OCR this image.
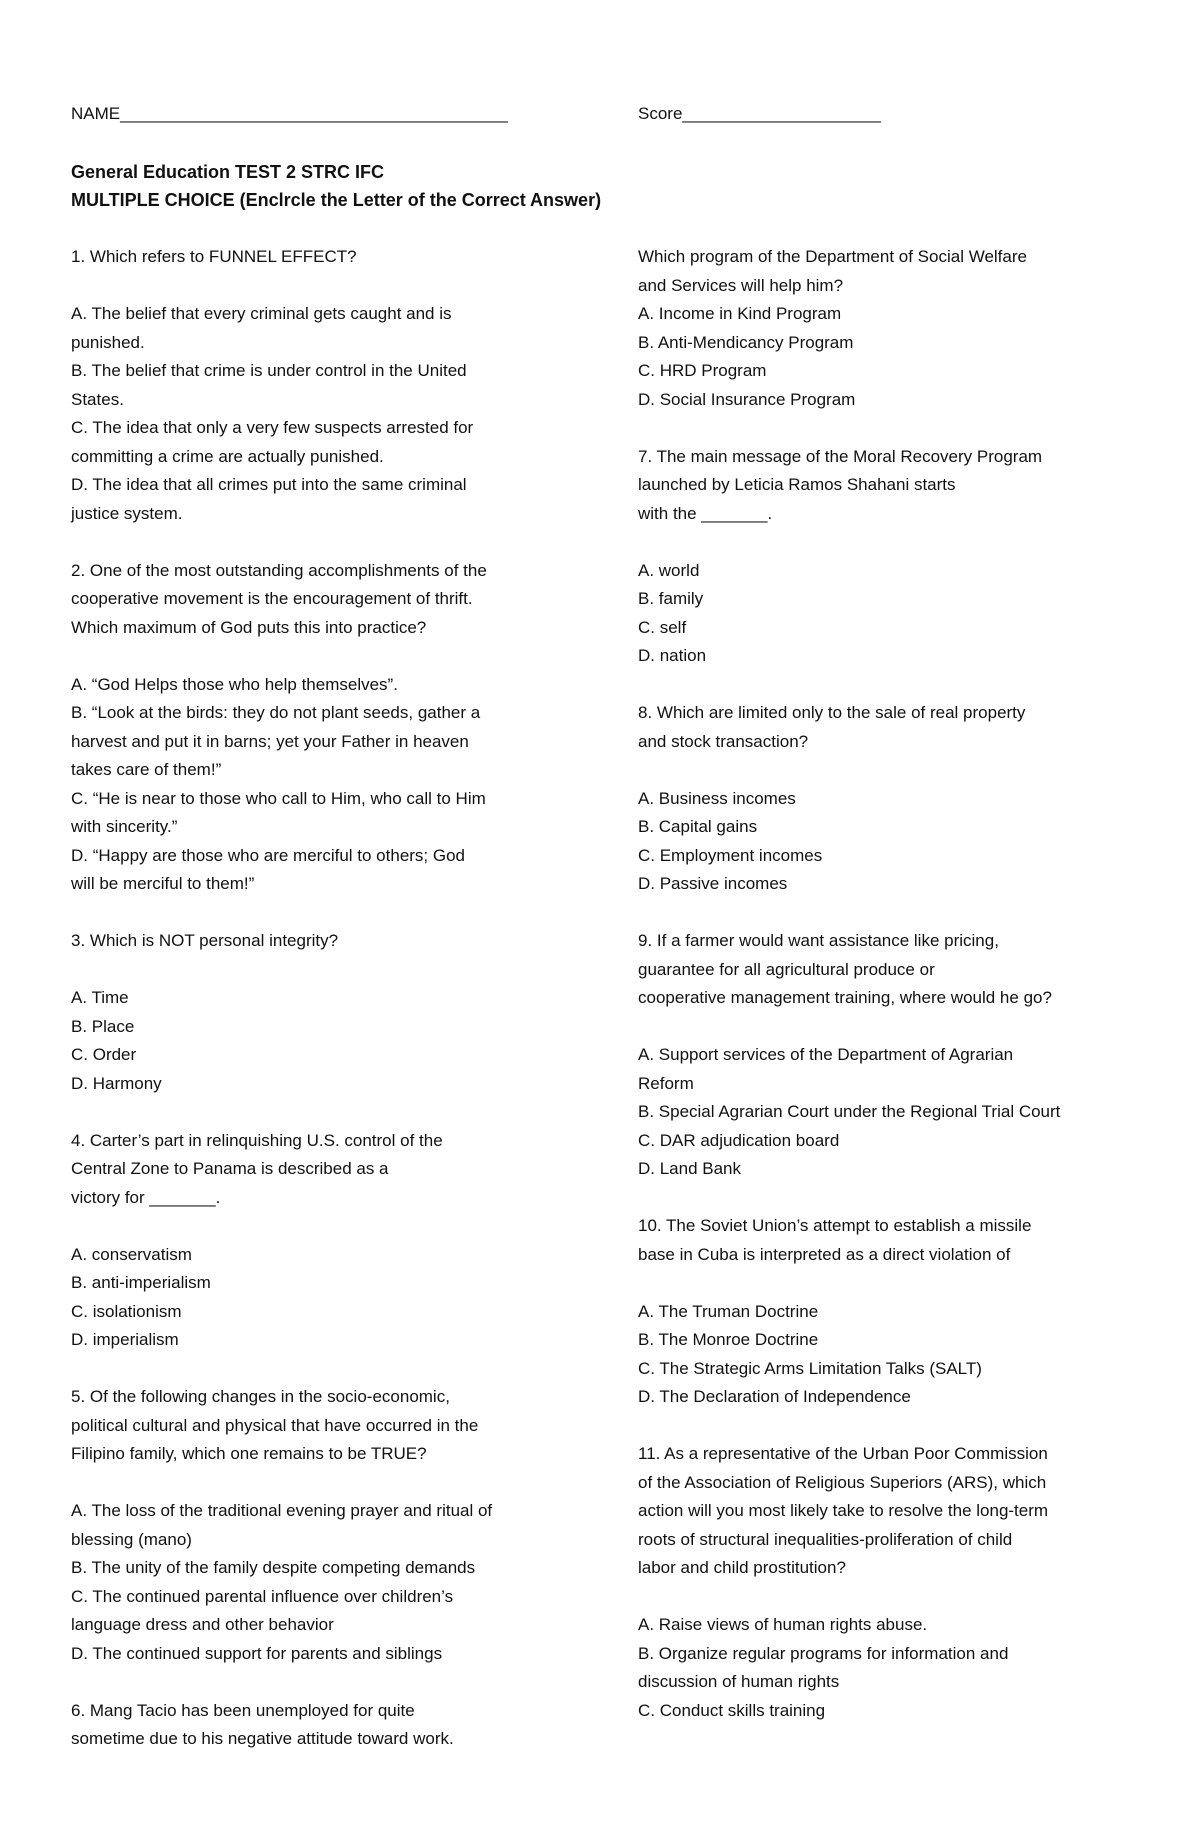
NAME_________________________________________	Score_____________________
General Education TEST 2 STRC IFC
MULTIPLE CHOICE (Enclrcle the Letter of the Correct Answer)
1. Which refers to FUNNEL EFFECT?
A. The belief that every criminal gets caught and is
punished.
B. The belief that crime is under control in the United
States.
C. The idea that only a very few suspects arrested for
committing a crime are actually punished.
D. The idea that all crimes put into the same criminal
justice system.
2. One of the most outstanding accomplishments of the
cooperative movement is the encouragement of thrift.
Which maximum of God puts this into practice?
A. “God Helps those who help themselves”.
B. “Look at the birds: they do not plant seeds, gather a
harvest and put it in barns; yet your Father in heaven
takes care of them!”
C. “He is near to those who call to Him, who call to Him
with sincerity.”
D. “Happy are those who are merciful to others; God
will be merciful to them!”
3. Which is NOT personal integrity?
A. Time
B. Place
C. Order
D. Harmony
4. Carter’s part in relinquishing U.S. control of the
Central Zone to Panama is described as a
victory for _______.
A. conservatism
B. anti-imperialism
C. isolationism
D. imperialism
5. Of the following changes in the socio-economic,
political cultural and physical that have occurred in the
Filipino family, which one remains to be TRUE?
A. The loss of the traditional evening prayer and ritual of
blessing (mano)
B. The unity of the family despite competing demands
C. The continued parental influence over children’s
language dress and other behavior
D. The continued support for parents and siblings
6. Mang Tacio has been unemployed for quite
sometime due to his negative attitude toward work.
Which program of the Department of Social Welfare
and Services will help him?
A. Income in Kind Program
B. Anti-Mendicancy Program
C. HRD Program
D. Social Insurance Program
7. The main message of the Moral Recovery Program
launched by Leticia Ramos Shahani starts
with the _______.
A. world
B. family
C. self
D. nation
8. Which are limited only to the sale of real property
and stock transaction?
A. Business incomes
B. Capital gains
C. Employment incomes
D. Passive incomes
9. If a farmer would want assistance like pricing,
guarantee for all agricultural produce or
cooperative management training, where would he go?
A. Support services of the Department of Agrarian
Reform
B. Special Agrarian Court under the Regional Trial Court
C. DAR adjudication board
D. Land Bank
10. The Soviet Union’s attempt to establish a missile
base in Cuba is interpreted as a direct violation of
A. The Truman Doctrine
B. The Monroe Doctrine
C. The Strategic Arms Limitation Talks (SALT)
D. The Declaration of Independence
11. As a representative of the Urban Poor Commission
of the Association of Religious Superiors (ARS), which
action will you most likely take to resolve the long-term
roots of structural inequalities-proliferation of child
labor and child prostitution?
A. Raise views of human rights abuse.
B. Organize regular programs for information and
discussion of human rights
C. Conduct skills training
